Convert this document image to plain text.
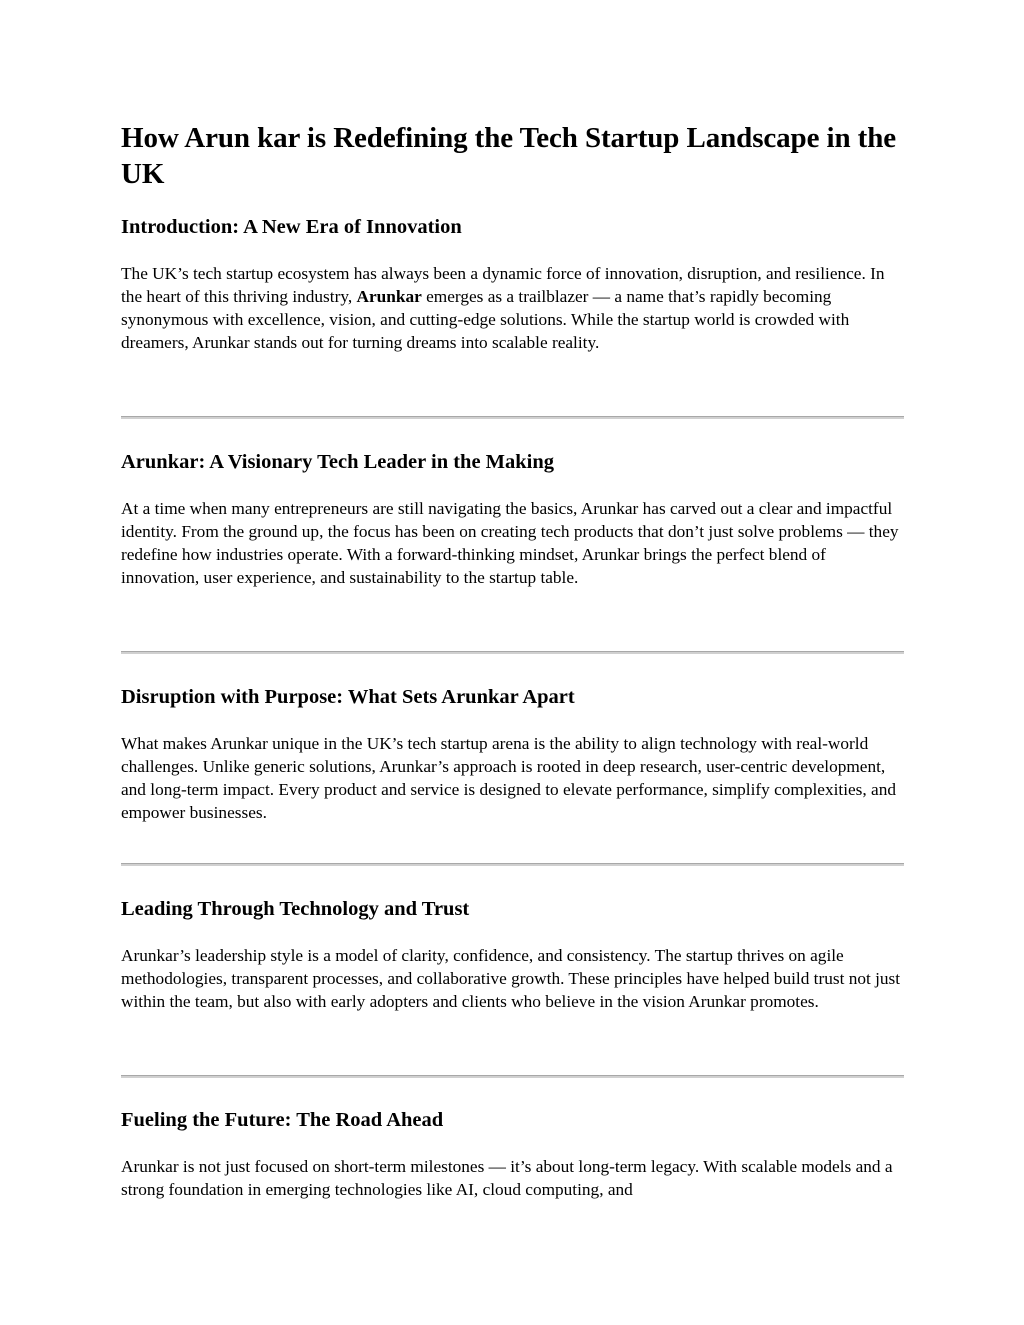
How Arun kar is Redefining the Tech Startup Landscape in the UK
Introduction: A New Era of Innovation

The UK’s tech startup ecosystem has always been a dynamic force of innovation, disruption, and resilience. In the heart of this thriving industry, Arunkar emerges as a trailblazer — a name that’s rapidly becoming synonymous with excellence, vision, and cutting-edge solutions. While the startup world is crowded with dreamers, Arunkar stands out for turning dreams into scalable reality.

Arunkar: A Visionary Tech Leader in the Making

At a time when many entrepreneurs are still navigating the basics, Arunkar has carved out a clear and impactful identity. From the ground up, the focus has been on creating tech products that don’t just solve problems — they redefine how industries operate. With a forward-thinking mindset, Arunkar brings the perfect blend of innovation, user experience, and sustainability to the startup table.

Disruption with Purpose: What Sets Arunkar Apart

What makes Arunkar unique in the UK’s tech startup arena is the ability to align technology with real-world challenges. Unlike generic solutions, Arunkar’s approach is rooted in deep research, user-centric development, and long-term impact. Every product and service is designed to elevate performance, simplify complexities, and empower businesses.

Leading Through Technology and Trust

Arunkar’s leadership style is a model of clarity, confidence, and consistency. The startup thrives on agile methodologies, transparent processes, and collaborative growth. These principles have helped build trust not just within the team, but also with early adopters and clients who believe in the vision Arunkar promotes.

Fueling the Future: The Road Ahead

Arunkar is not just focused on short-term milestones — it’s about long-term legacy. With scalable models and a strong foundation in emerging technologies like AI, cloud computing, and
